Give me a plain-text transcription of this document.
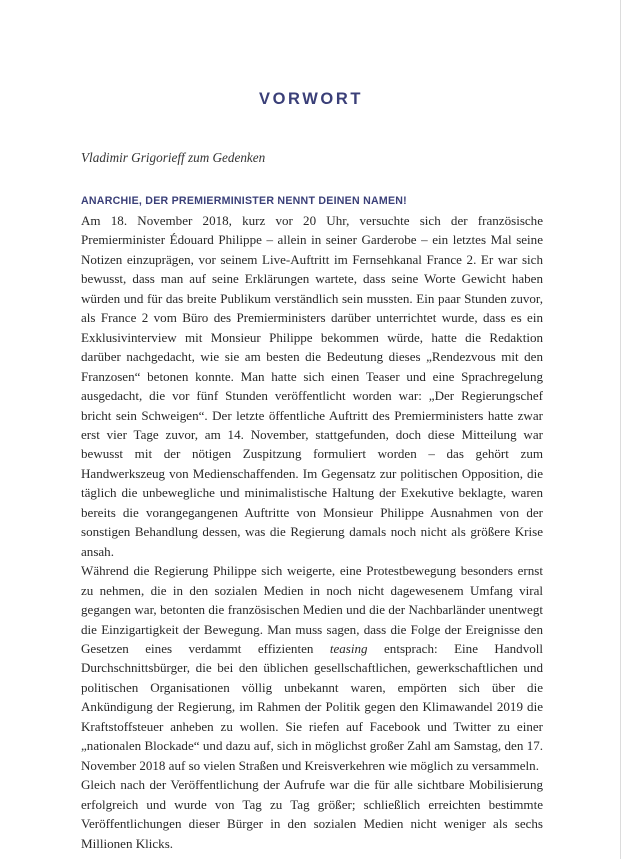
VORWORT

Vladimir Grigorieff zum Gedenken

ANARCHIE, DER PREMIERMINISTER NENNT DEINEN NAMEN!

Am 18. November 2018, kurz vor 20 Uhr, versuchte sich der französische Premierminister Édouard Philippe – allein in seiner Garderobe – ein letztes Mal seine Notizen einzuprägen, vor seinem Live-Auftritt im Fernsehkanal France 2. Er war sich bewusst, dass man auf seine Erklärungen wartete, dass seine Worte Gewicht haben würden und für das breite Publikum verständlich sein mussten. Ein paar Stunden zuvor, als France 2 vom Büro des Premierministers darüber unterrichtet wurde, dass es ein Exklusivinterview mit Monsieur Philippe bekommen würde, hatte die Redaktion darüber nachgedacht, wie sie am besten die Bedeutung dieses „Rendezvous mit den Franzosen“ betonen konnte. Man hatte sich einen Teaser und eine Sprachregelung ausgedacht, die vor fünf Stunden veröffentlicht worden war: „Der Regierungschef bricht sein Schweigen“. Der letzte öffentliche Auftritt des Premierministers hatte zwar erst vier Tage zuvor, am 14. November, stattgefunden, doch diese Mitteilung war bewusst mit der nötigen Zuspitzung formuliert worden – das gehört zum Handwerkszeug von Medienschaffenden. Im Gegensatz zur politischen Opposition, die täglich die unbewegliche und minimalistische Haltung der Exekutive beklagte, waren bereits die vorangegangenen Auftritte von Monsieur Philippe Ausnahmen von der sonstigen Behandlung dessen, was die Regierung damals noch nicht als größere Krise ansah.

Während die Regierung Philippe sich weigerte, eine Protestbewegung besonders ernst zu nehmen, die in den sozialen Medien in noch nicht dagewesenem Umfang viral gegangen war, betonten die französischen Medien und die der Nachbarländer unentwegt die Einzigartigkeit der Bewegung. Man muss sagen, dass die Folge der Ereignisse den Gesetzen eines verdammt effizienten teasing entsprach: Eine Handvoll Durchschnittsbürger, die bei den üblichen gesellschaftlichen, gewerkschaftlichen und politischen Organisationen völlig unbekannt waren, empörten sich über die Ankündigung der Regierung, im Rahmen der Politik gegen den Klimawandel 2019 die Kraftstoffsteuer anheben zu wollen. Sie riefen auf Facebook und Twitter zu einer „nationalen Blockade“ und dazu auf, sich in möglichst großer Zahl am Samstag, den 17. November 2018 auf so vielen Straßen und Kreisverkehren wie möglich zu versammeln.

Gleich nach der Veröffentlichung der Aufrufe war die für alle sichtbare Mobilisierung erfolgreich und wurde von Tag zu Tag größer; schließlich erreichten bestimmte Veröffentlichungen dieser Bürger in den sozialen Medien nicht weniger als sechs Millionen Klicks.
